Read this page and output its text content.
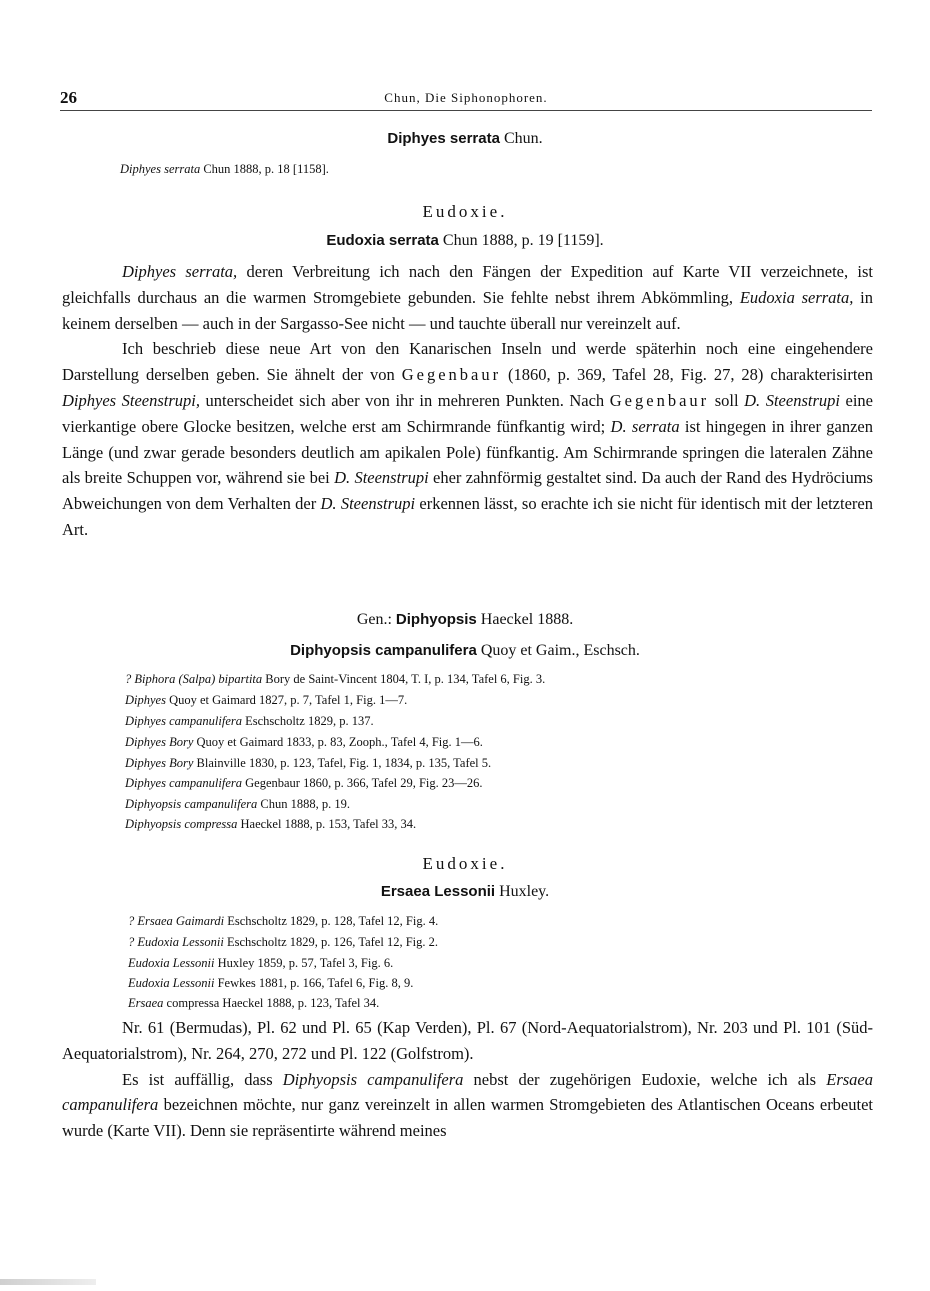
26	Chun, Die Siphonophoren.
Diphyes serrata Chun.
Diphyes serrata Chun 1888, p. 18 [1158].
Eudoxie.
Eudoxia serrata Chun 1888, p. 19 [1159].

Diphyes serrata, deren Verbreitung ich nach den Fängen der Expedition auf Karte VII verzeichnete, ist gleichfalls durchaus an die warmen Stromgebiete gebunden. Sie fehlte nebst ihrem Abkömmling, Eudoxia serrata, in keinem derselben — auch in der Sargasso-See nicht — und tauchte überall nur vereinzelt auf.

Ich beschrieb diese neue Art von den Kanarischen Inseln und werde späterhin noch eine eingehendere Darstellung derselben geben. Sie ähnelt der von Gegenbaur (1860, p. 369, Tafel 28, Fig. 27, 28) charakterisirten Diphyes Steenstrupi, unterscheidet sich aber von ihr in mehreren Punkten. Nach Gegenbaur soll D. Steenstrupi eine vierkantige obere Glocke besitzen, welche erst am Schirmrande fünfkantig wird; D. serrata ist hingegen in ihrer ganzen Länge (und zwar gerade besonders deutlich am apikalen Pole) fünfkantig. Am Schirmrande springen die lateralen Zähne als breite Schuppen vor, während sie bei D. Steenstrupi eher zahnförmig gestaltet sind. Da auch der Rand des Hydröciums Abweichungen von dem Verhalten der D. Steenstrupi erkennen lässt, so erachte ich sie nicht für identisch mit der letzteren Art.

Gen.: Diphyopsis Haeckel 1888.
Diphyopsis campanulifera Quoy et Gaim., Eschsch.
? Biphora (Salpa) bipartita Bory de Saint-Vincent 1804, T. I, p. 134, Tafel 6, Fig. 3.
Diphyes Quoy et Gaimard 1827, p. 7, Tafel 1, Fig. 1—7.
Diphyes campanulifera Eschscholtz 1829, p. 137.
Diphyes Bory Quoy et Gaimard 1833, p. 83, Zooph., Tafel 4, Fig. 1—6.
Diphyes Bory Blainville 1830, p. 123, Tafel, Fig. 1, 1834, p. 135, Tafel 5.
Diphyes campanulifera Gegenbaur 1860, p. 366, Tafel 29, Fig. 23—26.
Diphyopsis campanulifera Chun 1888, p. 19.
Diphyopsis compressa Haeckel 1888, p. 153, Tafel 33, 34.
Eudoxie.
Ersaea Lessonii Huxley.
? Ersaea Gaimardi Eschscholtz 1829, p. 128, Tafel 12, Fig. 4.
? Eudoxia Lessonii Eschscholtz 1829, p. 126, Tafel 12, Fig. 2.
Eudoxia Lessonii Huxley 1859, p. 57, Tafel 3, Fig. 6.
Eudoxia Lessonii Fewkes 1881, p. 166, Tafel 6, Fig. 8, 9.
Ersaea compressa Haeckel 1888, p. 123, Tafel 34.

Nr. 61 (Bermudas), Pl. 62 und Pl. 65 (Kap Verden), Pl. 67 (Nord-Aequatorialstrom), Nr. 203 und Pl. 101 (Süd-Aequatorialstrom), Nr. 264, 270, 272 und Pl. 122 (Golfstrom).

Es ist auffällig, dass Diphyopsis campanulifera nebst der zugehörigen Eudoxie, welche ich als Ersaea campanulifera bezeichnen möchte, nur ganz vereinzelt in allen warmen Stromgebieten des Atlantischen Oceans erbeutet wurde (Karte VII). Denn sie repräsentirte während meines
